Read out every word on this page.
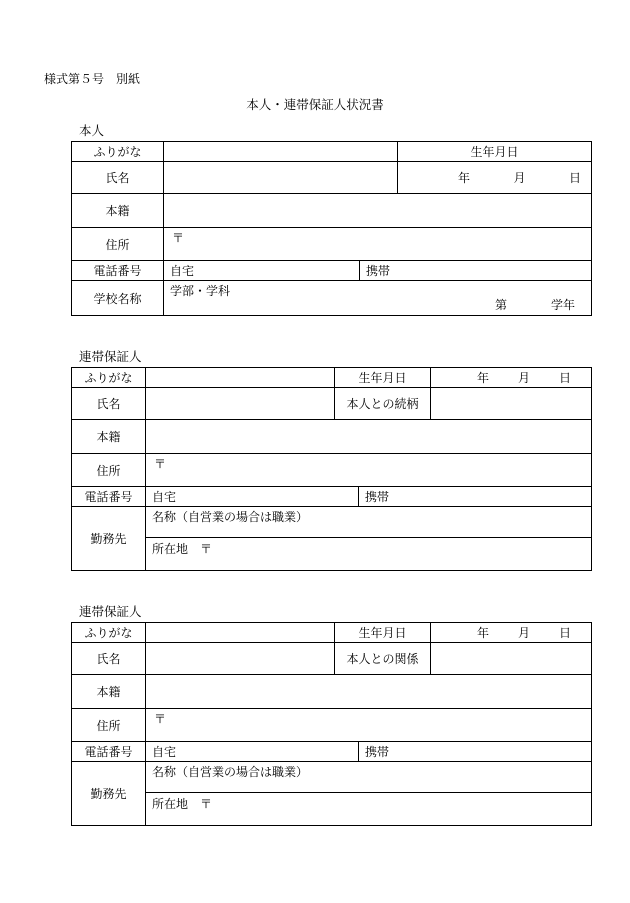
様式第５号　別紙
本人・連帯保証人状況書
本人
ふりがな			生年月日
氏名			年 月 日

本籍			
住所	〒		

電話番号	自宅	携帯	
学校名称	学部・学科
第 学年		
連帯保証人
ふりがな		生年月日		年 月 日

氏名		本人との続柄		
本籍				
住所	〒			

電話番号	自宅		携帯	
勤務先	名称（自営業の場合は職業）
所在地 〒			
連帯保証人
ふりがな		生年月日		年 月 日

氏名		本人との関係		
本籍				
住所	〒			

電話番号	自宅		携帯	
勤務先	名称（自営業の場合は職業）
所在地 〒			
